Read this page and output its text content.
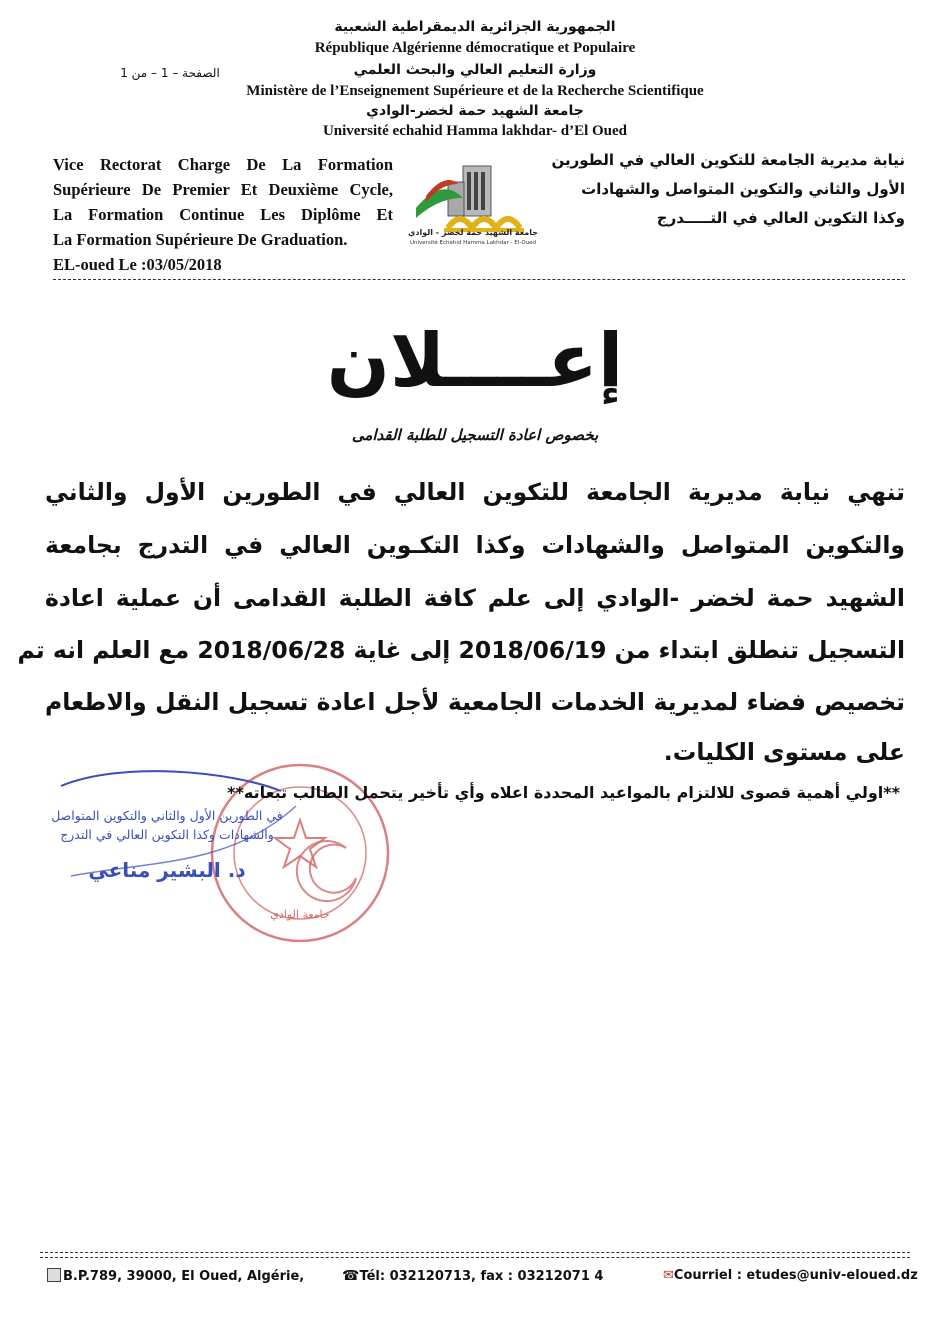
الجمهورية الجزائرية الديمقراطية الشعبية
République Algérienne démocratique et Populaire
وزارة التعليم العالي والبحث العلمي
الصفحة – 1 – من 1
Ministère de l’Enseignement Supérieure et de la Recherche Scientifique
جامعة الشهيد حمة لخضر-الوادي
Université echahid Hamma lakhdar- d’El Oued
Vice Rectorat Charge De La Formation
Supérieure De Premier Et Deuxième Cycle,
La Formation Continue Les Diplôme Et
La Formation Supérieure De Graduation.
EL-oued Le :03/05/2018
جامعة الشهيد حمة لخضر - الوادي
Université Echahid Hamma Lakhdar - El-Oued
نيابة مديرية الجامعة للتكوين العالي في الطورين
الأول والثاني والتكوين المتواصل والشهادات
وكذا التكوين العالي في التـــــدرج
إعــــلان
بخصوص اعادة التسجيل للطلبة القدامى
تنهي نيابة مديرية الجامعة للتكوين العالي في الطورين الأول والثاني
والتكوين المتواصل والشهادات وكذا التكـوين العالي في التدرج بجامعة
الشهيد حمة لخضر -الوادي إلى علم كافة الطلبة القدامى أن عملية اعادة
التسجيل تنطلق ابتداء من 2018/06/19 إلى غاية 2018/06/28 مع العلم انه تم
تخصيص فضاء لمديرية الخدمات الجامعية لأجل اعادة تسجيل النقل والاطعام
على مستوى الكليات.
جامعة الوادي
في الطورين الأول والثاني والتكوين المتواصل
والشهادات وكذا التكوين العالي في التدرج
د. البشير مناعي
**اولي أهمية قصوى للالتزام بالمواعيد المحددة اعلاه وأي تأخير يتحمل الطالب تبعاته**
B.P.789, 39000, El Oued, Algérie,	☎Tél: 032120713, fax : 03212071 4	✉Courriel : etudes@univ-eloued.dz
